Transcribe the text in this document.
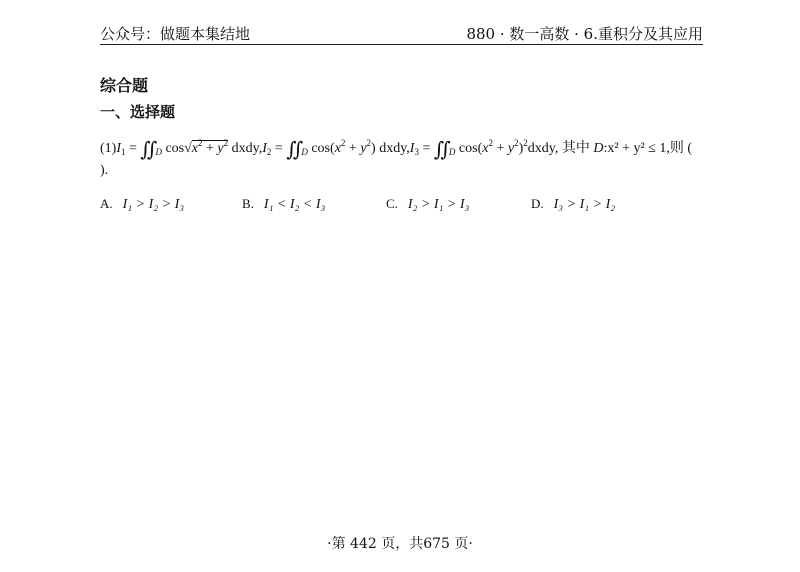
公众号：做题本集结地	880 · 数一高数 · 6.重积分及其应用
综合题
一、选择题
$(1)I_1$ = ∬ $_D$ $\cos√x^2 + y^2$ $dxdy,I_2$ = ∬ $_D$ $\cos(x^2 + y^2)$ $dxdy,I_3$ = ∬ $_D$ $\cos(x^2$ + $y^2)^2dxdy$, 其中 D:x² + y² ≤ 1,则 (
).
A. I₁ > I₂ > I₃	B. I₁ < I₂ < I₃	C. I₂ > I₁ > I₃	D. I₃ > I₁ > I₂
·第 442 页，共675 页·
